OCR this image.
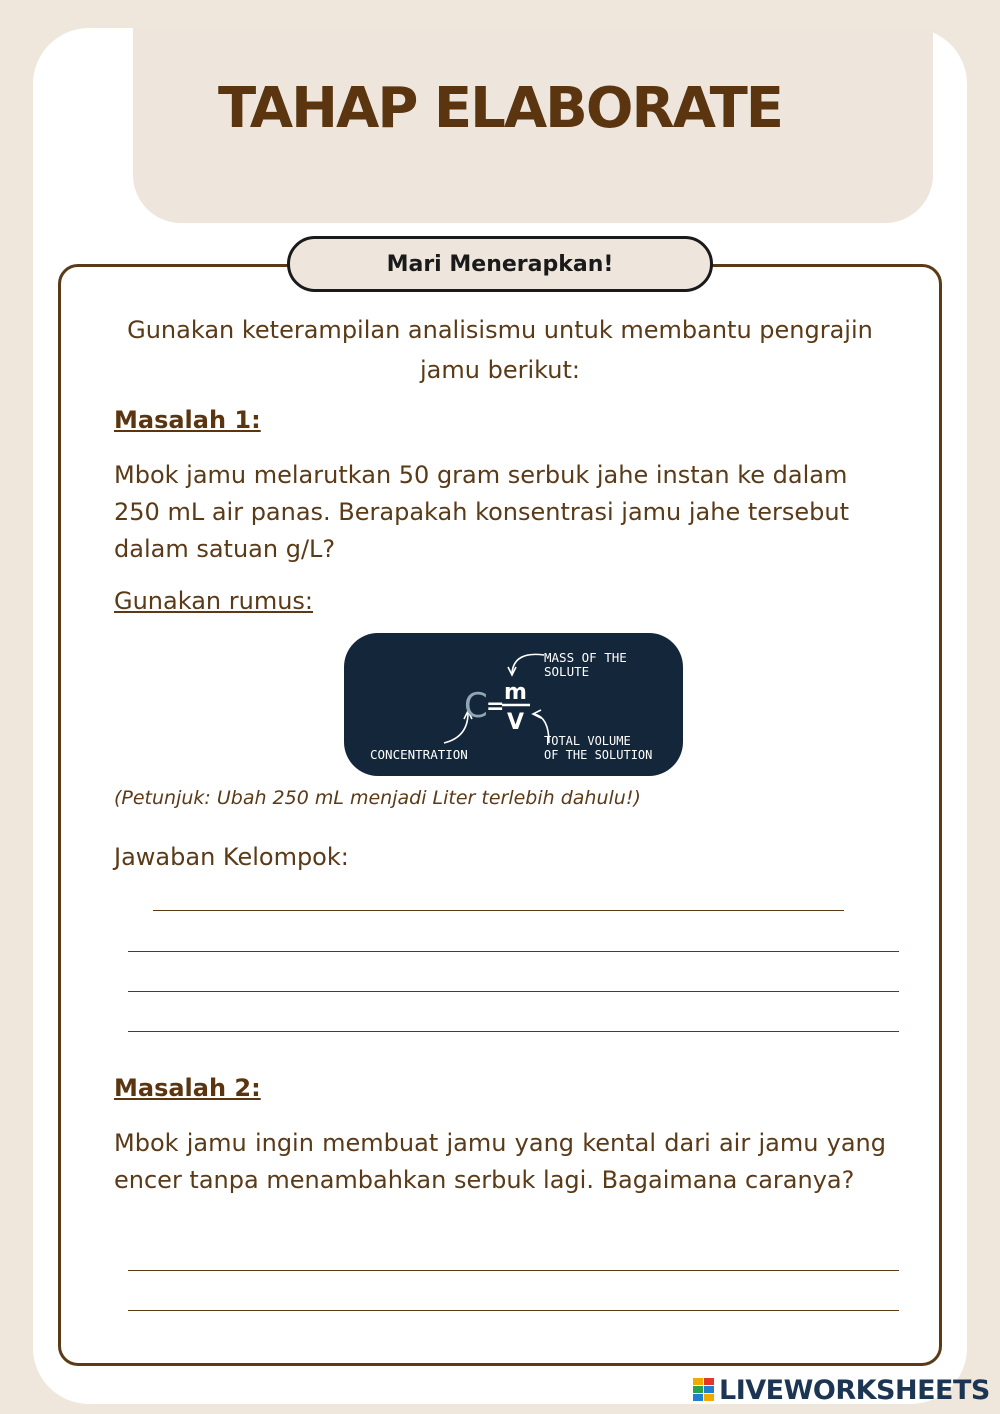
TAHAP ELABORATE
Mari Menerapkan!

Gunakan keterampilan analisismu untuk membantu pengrajin jamu berikut:

Masalah 1:

Mbok jamu melarutkan 50 gram serbuk jahe instan ke dalam 250 mL air panas. Berapakah konsentrasi jamu jahe tersebut dalam satuan g/L?

Gunakan rumus:

C
=
m
V
MASS OF THE
SOLUTE
TOTAL VOLUME
OF THE SOLUTION
CONCENTRATION

(Petunjuk: Ubah 250 mL menjadi Liter terlebih dahulu!)

Jawaban Kelompok:

Masalah 2:

Mbok jamu ingin membuat jamu yang kental dari air jamu yang encer tanpa menambahkan serbuk lagi. Bagaimana caranya?

LIVEWORKSHEETS
